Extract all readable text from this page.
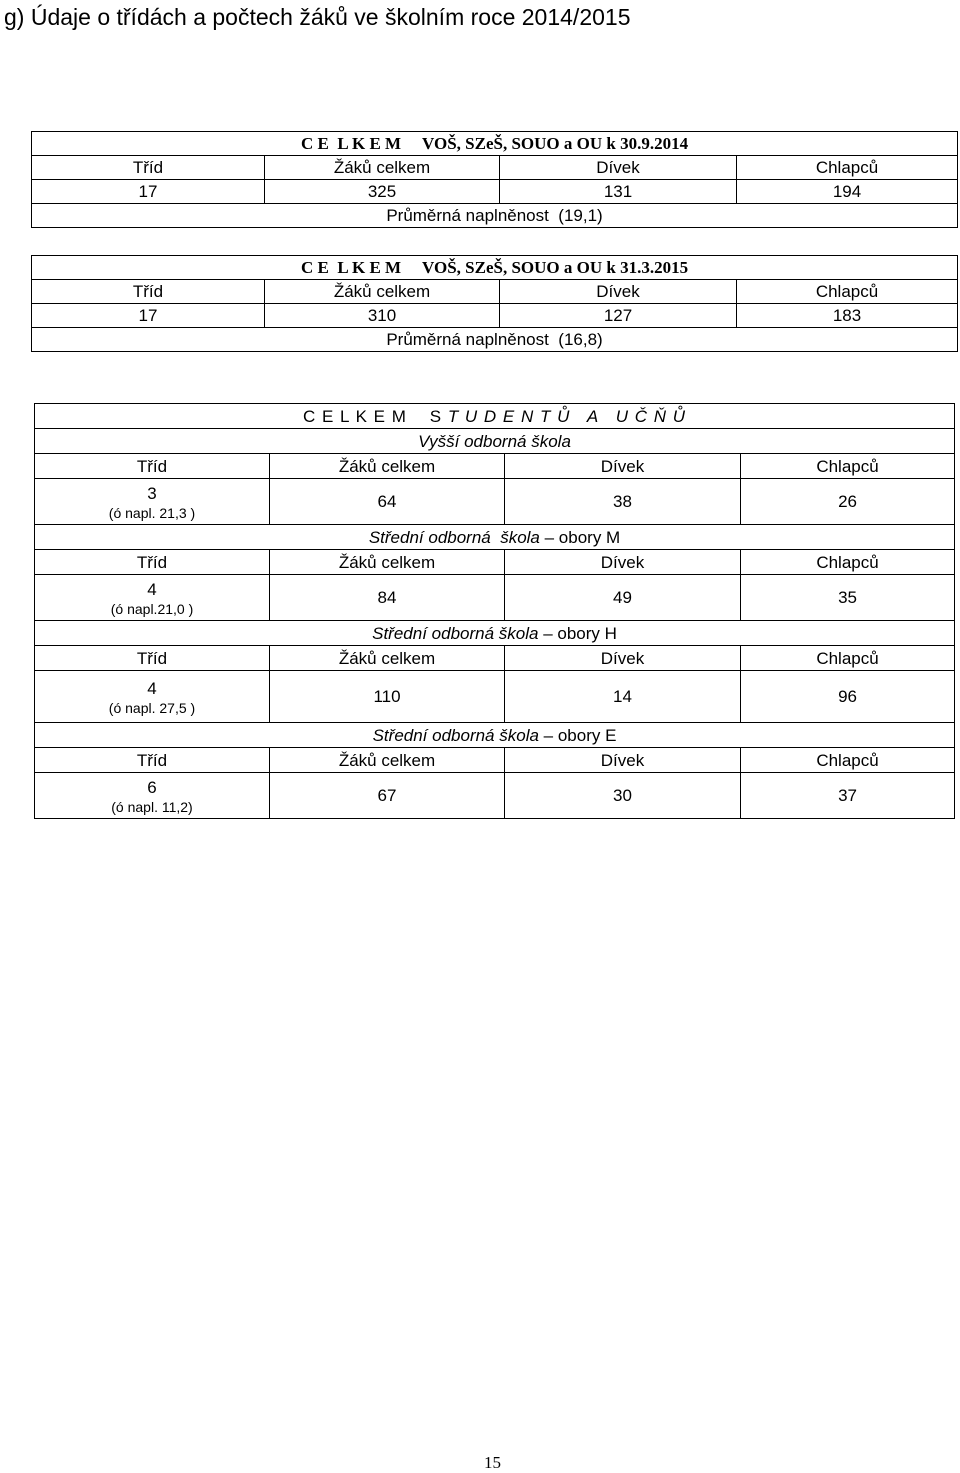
g) Údaje o třídách a počtech žáků ve školním roce 2014/2015
C E  L K E M     VOŠ, SZeŠ, SOUO a OU k 30.9.2014			
Tříd	Žáků celkem	Dívek	Chlapců
17	325	131	194
Průměrná naplněnost  (19,1)			
C E  L K E M     VOŠ, SZeŠ, SOUO a OU k 31.3.2015			
Tříd	Žáků celkem	Dívek	Chlapců
17	310	127	183
Průměrná naplněnost  (16,8)			
C E L K E M    S T U D E N T Ů   A   U Č Ň Ů			
Vyšší odborná škola			
Tříd	Žáků celkem	Dívek	Chlapců
3
(ó napl. 21,3 )	64	38	26
Střední odborná  škola – obory M			
Tříd	Žáků celkem	Dívek	Chlapců
4
(ó napl.21,0 )	84	49	35
Střední odborná škola – obory H			
Tříd	Žáků celkem	Dívek	Chlapců
4
(ó napl. 27,5 )	110	14	96
Střední odborná škola – obory E			
Tříd	Žáků celkem	Dívek	Chlapců
6
(ó napl. 11,2)	67	30	37
15
